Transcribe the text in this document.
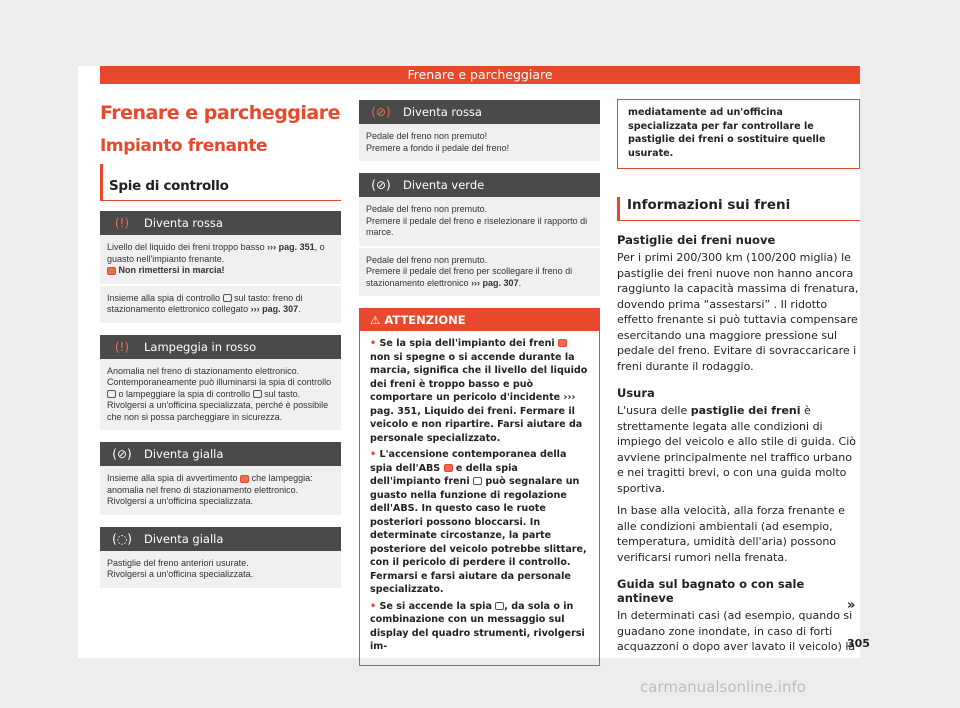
Frenare e parcheggiare
Frenare e parcheggiare
Impianto frenante
Spie di controllo
(!)	Diventa rossa
Livello del liquido dei freni troppo basso ››› pag. 351, o guasto nell'impianto frenante.
Non rimettersi in marcia!
Insieme alla spia di controllo  sul tasto: freno di stazionamento elettronico collegato ››› pag. 307.
(!)	Lampeggia in rosso
Anomalia nel freno di stazionamento elettronico. Contemporaneamente può illuminarsi la spia di controllo  o lampeggiare la spia di controllo  sul tasto.
Rivolgersi a un'officina specializzata, perché è possibile che non si possa parcheggiare in sicurezza.
(⊘)	Diventa gialla
Insieme alla spia di avvertimento  che lampeggia: anomalia nel freno di stazionamento elettronico.
Rivolgersi a un'officina specializzata.
(◌)	Diventa gialla
Pastiglie del freno anteriori usurate.
Rivolgersi a un'officina specializzata.
(⊘)	Diventa rossa
Pedale del freno non premuto!
Premere a fondo il pedale del freno!
(⊘)	Diventa verde
Pedale del freno non premuto.
Premere il pedale del freno e riselezionare il rapporto di marce.
Pedale del freno non premuto.
Premere il pedale del freno per scollegare il freno di stazionamento elettronico ››› pag. 307.
⚠ ATTENZIONE

• Se la spia dell'impianto dei freni  non si spegne o si accende durante la marcia, significa che il livello del liquido dei freni è troppo basso e può comportare un pericolo d'incidente ››› pag. 351, Liquido dei freni. Fermare il veicolo e non ripartire. Farsi aiutare da personale specializzato.

• L'accensione contemporanea della spia dell'ABS  e della spia dell'impianto freni  può segnalare un guasto nella funzione di regolazione dell'ABS. In questo caso le ruote posteriori possono bloccarsi. In determinate circostanze, la parte posteriore del veicolo potrebbe slittare, con il pericolo di perdere il controllo. Fermarsi e farsi aiutare da personale specializzato.

• Se si accende la spia , da sola o in combinazione con un messaggio sul display del quadro strumenti, rivolgersi im-

mediatamente ad un'officina specializzata per far controllare le pastiglie dei freni o sostituire quelle usurate.
Informazioni sui freni
Pastiglie dei freni nuove
Per i primi 200/300 km (100/200 miglia) le pastiglie dei freni nuove non hanno ancora raggiunto la capacità massima di frenatura, dovendo prima “assestarsi” . Il ridotto effetto frenante si può tuttavia compensare esercitando una maggiore pressione sul pedale del freno. Evitare di sovraccaricare i freni durante il rodaggio.
Usura
L'usura delle pastiglie dei freni è strettamente legata alle condizioni di impiego del veicolo e allo stile di guida. Ciò avviene principalmente nel traffico urbano e nei tragitti brevi, o con una guida molto sportiva.
In base alla velocità, alla forza frenante e alle condizioni ambientali (ad esempio, temperatura, umidità dell'aria) possono verificarsi rumori nella frenata.
Guida sul bagnato o con sale antineve
In determinati casi (ad esempio, quando si guadano zone inondate, in caso di forti acquazzoni o dopo aver lavato il veicolo) la
»
305
carmanualsonline.info
